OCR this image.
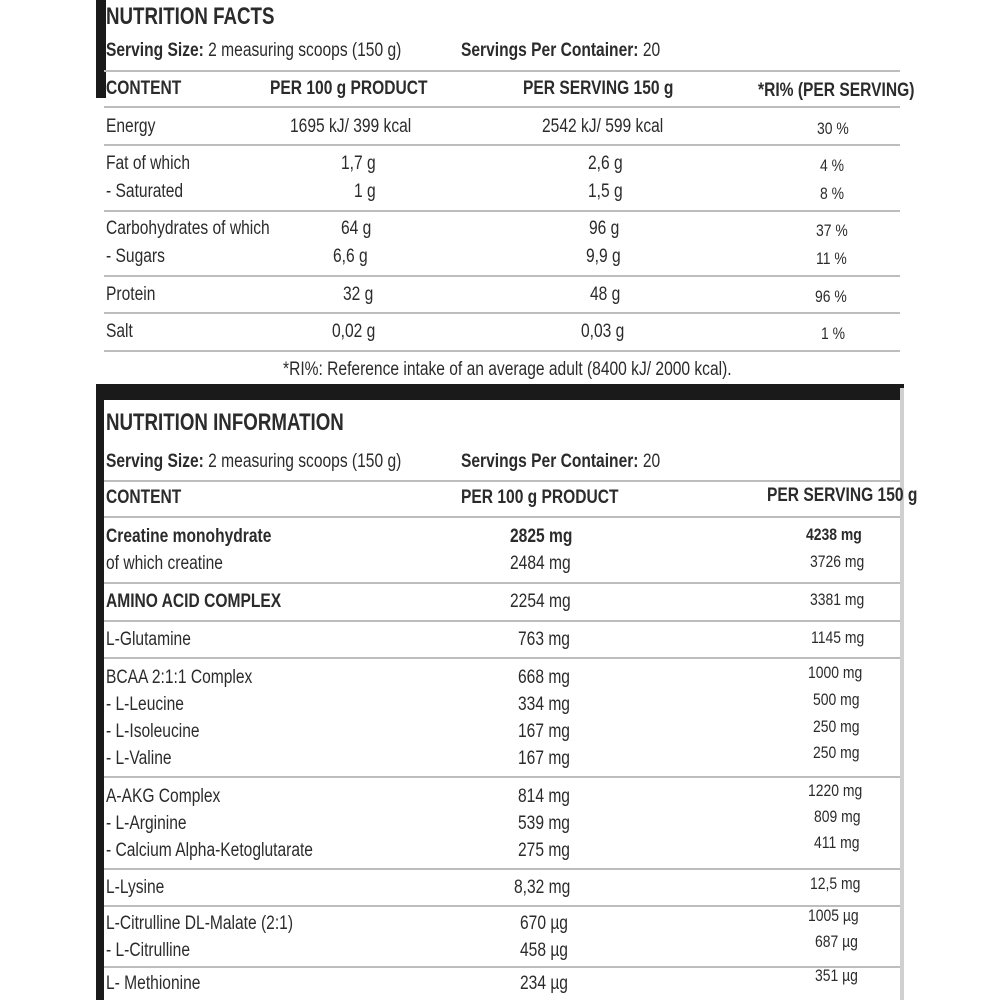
NUTRITION FACTS
Serving Size: 2 measuring scoops (150 g)	Servings Per Container: 20
CONTENT	PER 100 g PRODUCT	PER SERVING 150 g	*RI% (PER SERVING)
Energy	1695 kJ/ 399 kcal	2542 kJ/ 599 kcal	30 %
Fat of which	1,7 g	2,6 g	4 %
- Saturated	1 g	1,5 g	8 %
Carbohydrates of which	64 g	96 g	37 %
- Sugars	6,6 g	9,9 g	11 %
Protein	32 g	48 g	96 %
Salt	0,02 g	0,03 g	1 %
*RI%: Reference intake of an average adult (8400 kJ/ 2000 kcal).
NUTRITION INFORMATION
Serving Size: 2 measuring scoops (150 g)	Servings Per Container: 20
CONTENT	PER 100 g PRODUCT	PER SERVING 150 g
Creatine monohydrate	2825 mg	4238 mg
of which creatine	2484 mg	3726 mg
AMINO ACID COMPLEX	2254 mg	3381 mg
L-Glutamine	763 mg	1145 mg
BCAA 2:1:1 Complex	668 mg	1000 mg
- L-Leucine	334 mg	500 mg
- L-Isoleucine	167 mg	250 mg
- L-Valine	167 mg	250 mg
A-AKG Complex	814 mg	1220 mg
- L-Arginine	539 mg	809 mg
- Calcium Alpha-Ketoglutarate	275 mg	411 mg
L-Lysine	8,32 mg	12,5 mg
L-Citrulline DL-Malate (2:1)	670 µg	1005 µg
- L-Citrulline	458 µg	687 µg
L- Methionine	234 µg	351 µg
